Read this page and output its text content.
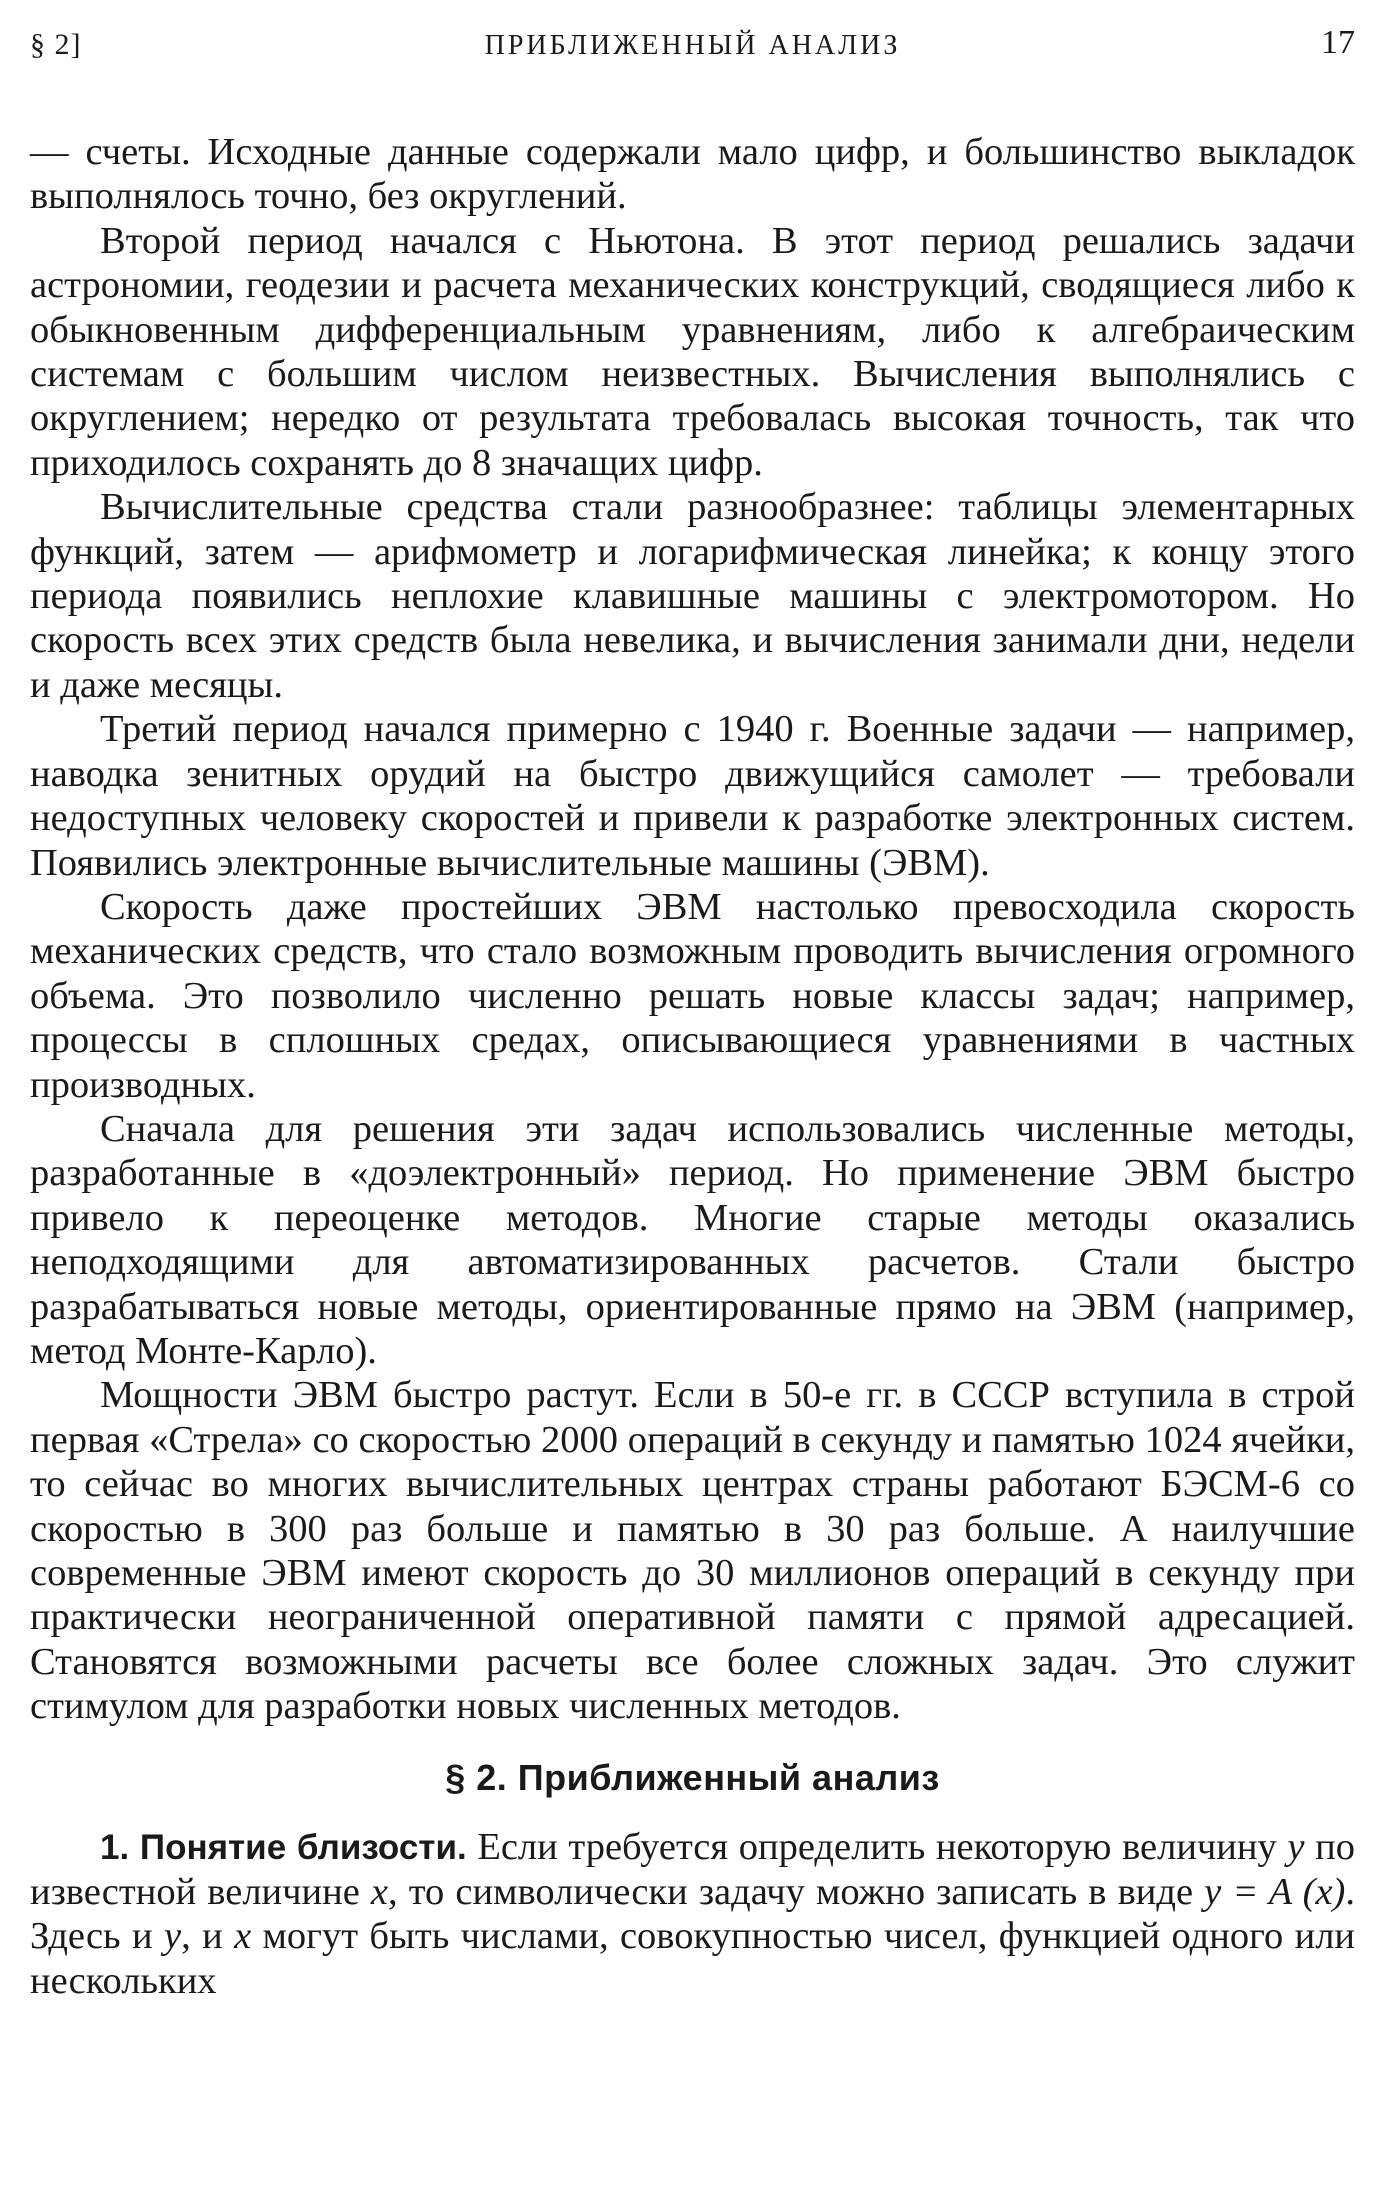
§ 2]	ПРИБЛИЖЕННЫЙ АНАЛИЗ	17

— счеты. Исходные данные содержали мало цифр, и большинство выкладок выполнялось точно, без округлений.

Второй период начался с Ньютона. В этот период решались задачи астрономии, геодезии и расчета механических конструкций, сводящиеся либо к обыкновенным дифференциальным уравнениям, либо к алгебраическим системам с большим числом неизвестных. Вычисления выполнялись с округлением; нередко от результата требовалась высокая точность, так что приходилось сохранять до 8 значащих цифр.

Вычислительные средства стали разнообразнее: таблицы элементарных функций, затем — арифмометр и логарифмическая линейка; к концу этого периода появились неплохие клавишные машины с электромотором. Но скорость всех этих средств была невелика, и вычисления занимали дни, недели и даже месяцы.

Третий период начался примерно с 1940 г. Военные задачи — например, наводка зенитных орудий на быстро движущийся самолет — требовали недоступных человеку скоростей и привели к разработке электронных систем. Появились электронные вычислительные машины (ЭВМ).

Скорость даже простейших ЭВМ настолько превосходила скорость механических средств, что стало возможным проводить вычисления огромного объема. Это позволило численно решать новые классы задач; например, процессы в сплошных средах, описывающиеся уравнениями в частных производных.

Сначала для решения эти задач использовались численные методы, разработанные в «доэлектронный» период. Но применение ЭВМ быстро привело к переоценке методов. Многие старые методы оказались неподходящими для автоматизированных расчетов. Стали быстро разрабатываться новые методы, ориентированные прямо на ЭВМ (например, метод Монте-Карло).

Мощности ЭВМ быстро растут. Если в 50-е гг. в СССР вступила в строй первая «Стрела» со скоростью 2000 операций в секунду и памятью 1024 ячейки, то сейчас во многих вычислительных центрах страны работают БЭСМ-6 со скоростью в 300 раз больше и памятью в 30 раз больше. А наилучшие современные ЭВМ имеют скорость до 30 миллионов операций в секунду при практически неограниченной оперативной памяти с прямой адресацией. Становятся возможными расчеты все более сложных задач. Это служит стимулом для разработки новых численных методов.

§ 2. Приближенный анализ

1. Понятие близости. Если требуется определить некоторую величину y по известной величине x, то символически задачу можно записать в виде y = A (x). Здесь и y, и x могут быть числами, совокупностью чисел, функцией одного или нескольких
